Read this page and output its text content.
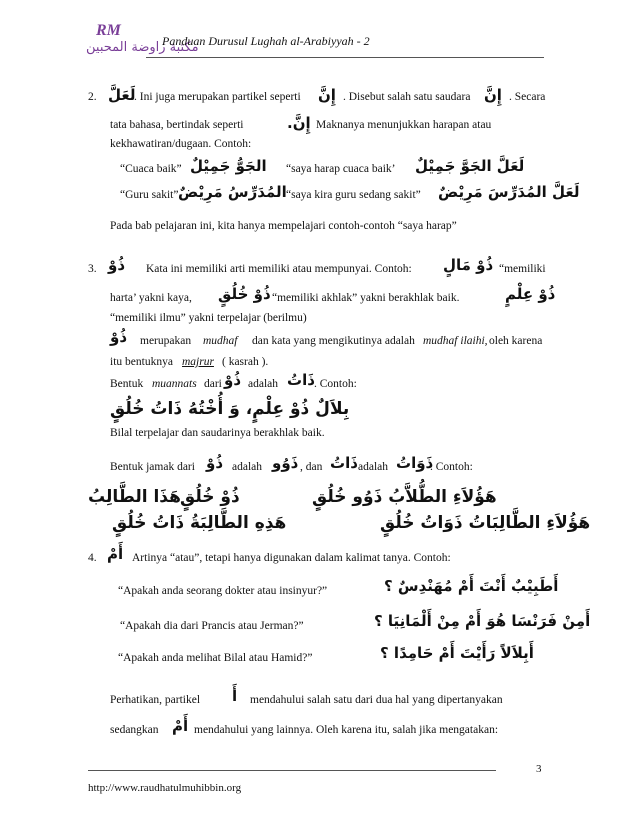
RM
مكتبة راوضة المحبين
Panduan Durusul Lughah al-Arabiyyah - 2
2. لَعَلَّ
. Ini juga merupakan partikel seperti إِنَّ . Disebut salah satu saudara إِنَّ . Secara
tata bahasa, bertindak seperti	إِنَّ. Maknanya menunjukkan harapan atau
kekhawatiran/dugaan. Contoh:
“Cuaca baik” الجَوُّ جَمِيْلٌ “saya harap cuaca baik’ لَعَلَّ الجَوَّ جَمِيْلٌ
“Guru sakit” المُدَرِّسُ مَرِيْضٌ “saya kira guru sedang sakit” لَعَلَّ المُدَرِّسَ مَرِيْضٌ
Pada bab pelajaran ini, kita hanya mempelajari contoh-contoh “saya harap”
3. ذُوْ Kata ini memiliki arti memiliki atau mempunyai. Contoh: ذُوْ مَالٍ “memiliki
harta’ yakni kaya, ذُوْ خُلُقٍ “memiliki akhlak” yakni berakhlak baik.	ذُوْ عِلْمٍ
“memiliki ilmu” yakni terpelajar (berilmu)
ذُوْ merupakan mudhaf dan kata yang mengikutinya adalah mudhaf ilaihi, oleh karena
itu bentuknya majrur ( kasrah ).
Bentuk muannats dari ذُوْ adalah ذَاتُ . Contoh:
بِلاَلٌ ذُوْ عِلْمٍ، وَ أُخْتُهُ ذَاتُ خُلُقٍ
Bilal terpelajar dan saudarinya berakhlak baik.
Bentuk jamak dari ذُوْ adalah ذَوُو , dan ذَاتُ adalah ذَوَاتُ
. Contoh:
هَؤُلاَءِ الطُّلاَّبُ ذَوُو خُلُقٍ
ذُوْ خُلُقٍ
هَذَا الطَّالِبُ
هَؤُلاَءِ الطَّالِبَاتُ ذَوَاتُ خُلُقٍ
هَذِهِ الطَّالِبَةُ ذَاتُ خُلُقٍ
4. أَمْ Artinya “atau”, tetapi hanya digunakan dalam kalimat tanya. Contoh:
“Apakah anda seorang dokter atau insinyur?”	أَطَبِيْبٌ أَنْتَ أَمْ مُهَنْدِسٌ ؟
“Apakah dia dari Prancis atau Jerman?”	أَمِنْ فَرَنْسَا هُوَ أَمْ مِنْ أَلْمَانِيَا ؟
“Apakah anda melihat Bilal atau Hamid?”	أَبِلاَلاً رَأَيْتَ أَمْ حَامِدًا ؟
Perhatikan, partikel أَ mendahului salah satu dari dua hal yang dipertanyakan
sedangkan أَمْ mendahului yang lainnya. Oleh karena itu, salah jika mengatakan:
3
http://www.raudhatulmuhibbin.org
